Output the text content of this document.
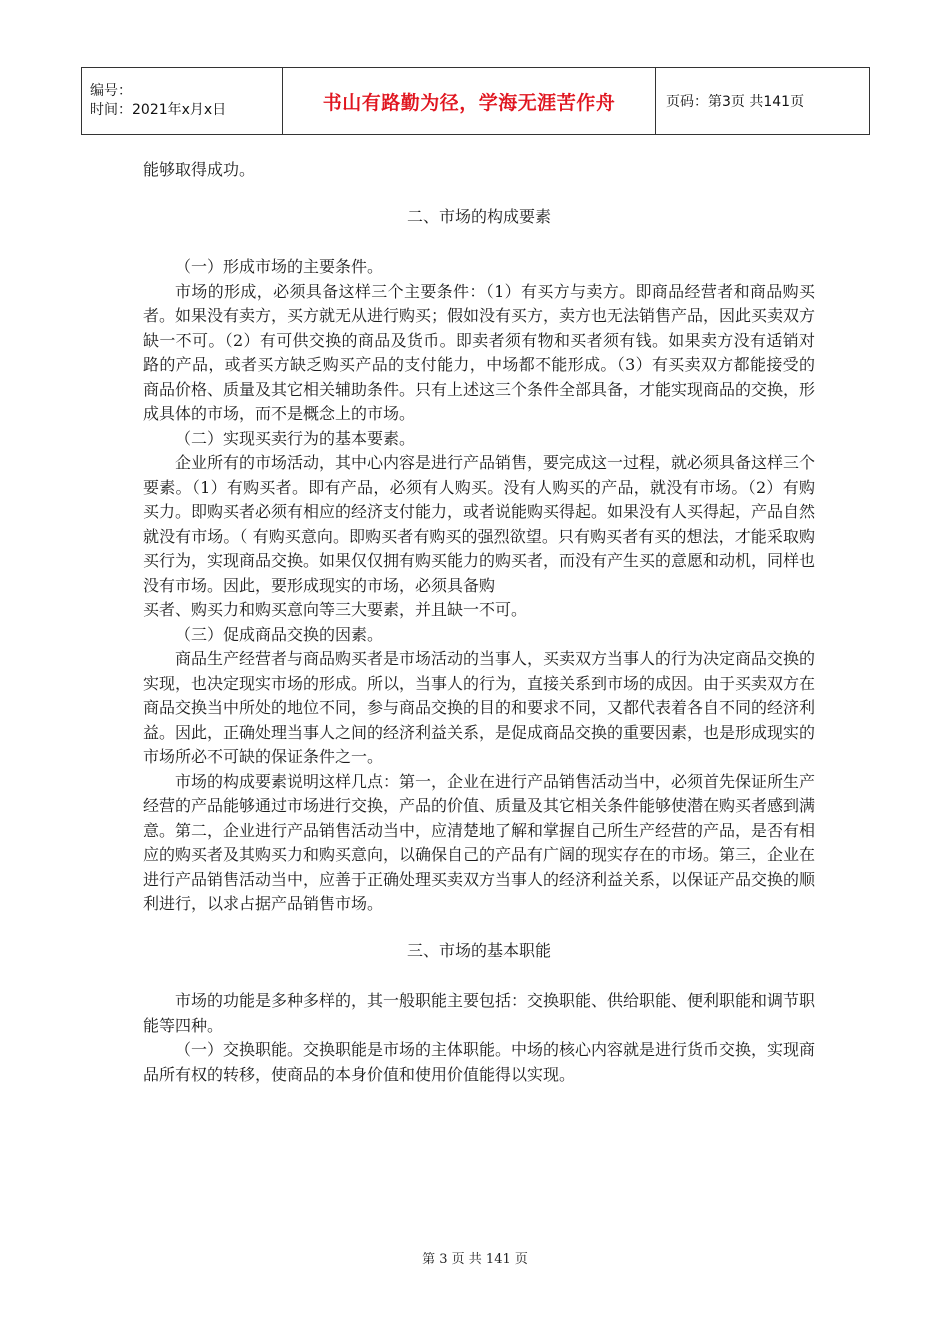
编号：
时间：2021年x月x日	书山有路勤为径，学海无涯苦作舟	页码：第3页 共141页

能够取得成功。

二、市场的构成要素

（一）形成市场的主要条件。

市场的形成，必须具备这样三个主要条件：（1）有买方与卖方。即商品经营者和商品购买者。如果没有卖方，买方就无从进行购买；假如没有买方，卖方也无法销售产品，因此买卖双方缺一不可。（2）有可供交换的商品及货币。即卖者须有物和买者须有钱。如果卖方没有适销对路的产品，或者买方缺乏购买产品的支付能力，中场都不能形成。（3）有买卖双方都能接受的商品价格、质量及其它相关辅助条件。只有上述这三个条件全部具备，才能实现商品的交换，形成具体的市场，而不是概念上的市场。

（二）实现买卖行为的基本要素。

企业所有的市场活动，其中心内容是进行产品销售，要完成这一过程，就必须具备这样三个要素。（1）有购买者。即有产品，必须有人购买。没有人购买的产品，就没有市场。（2）有购买力。即购买者必须有相应的经济支付能力，或者说能购买得起。如果没有人买得起，产品自然就没有市场。（ 有购买意向。即购买者有购买的强烈欲望。只有购买者有买的想法，才能采取购买行为，实现商品交换。如果仅仅拥有购买能力的购买者，而没有产生买的意愿和动机，同样也没有市场。因此，要形成现实的市场，必须具备购

买者、购买力和购买意向等三大要素，并且缺一不可。

（三）促成商品交换的因素。

商品生产经营者与商品购买者是市场活动的当事人，买卖双方当事人的行为决定商品交换的实现，也决定现实市场的形成。所以，当事人的行为，直接关系到市场的成因。由于买卖双方在商品交换当中所处的地位不同，参与商品交换的目的和要求不同，又都代表着各自不同的经济利益。因此，正确处理当事人之间的经济利益关系，是促成商品交换的重要因素，也是形成现实的市场所必不可缺的保证条件之一。

市场的构成要素说明这样几点：第一，企业在进行产品销售活动当中，必须首先保证所生产经营的产品能够通过市场进行交换，产品的价值、质量及其它相关条件能够使潜在购买者感到满意。第二，企业进行产品销售活动当中，应清楚地了解和掌握自己所生产经营的产品，是否有相应的购买者及其购买力和购买意向，以确保自己的产品有广阔的现实存在的市场。第三，企业在进行产品销售活动当中，应善于正确处理买卖双方当事人的经济利益关系，以保证产品交换的顺利进行，以求占据产品销售市场。

三、市场的基本职能

市场的功能是多种多样的，其一般职能主要包括：交换职能、供给职能、便利职能和调节职能等四种。

（一）交换职能。交换职能是市场的主体职能。中场的核心内容就是进行货币交换，实现商品所有权的转移，使商品的本身价值和使用价值能得以实现。

第 3 页 共 141 页
